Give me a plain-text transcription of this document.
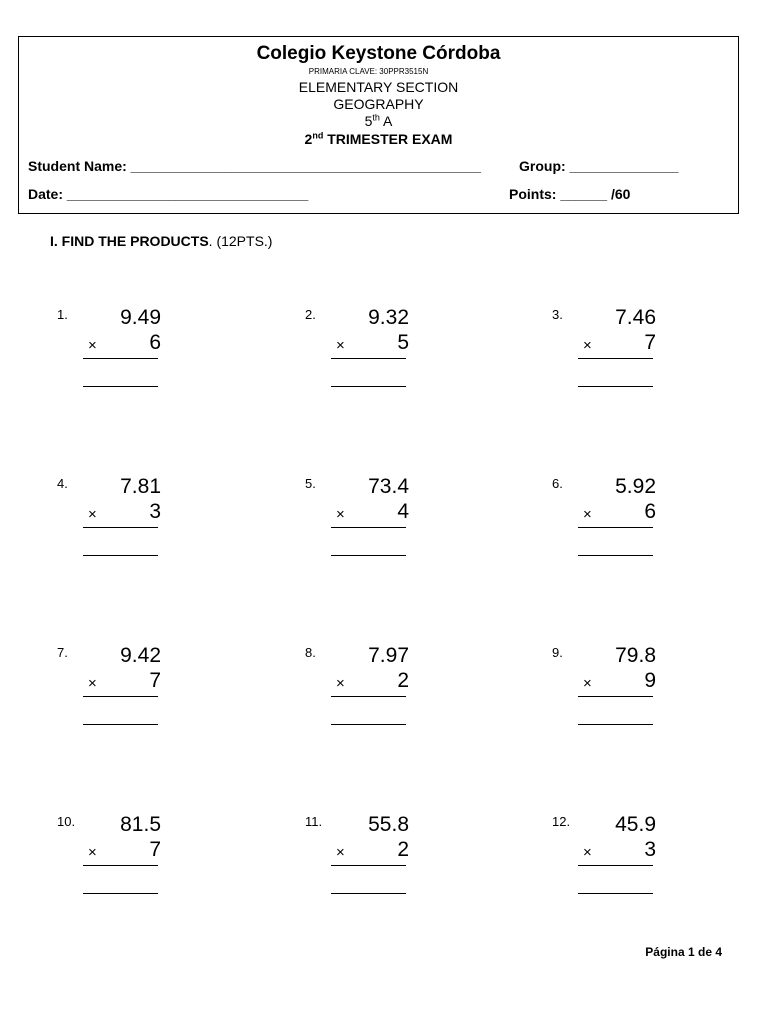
Colegio Keystone Córdoba
PRIMARIA CLAVE: 30PPR3515N
ELEMENTARY SECTION
GEOGRAPHY
5th A
2nd TRIMESTER EXAM
Student Name: _____________________________________________	Group: ______________
Date: _______________________________	Points: ______ /60
I. FIND THE PRODUCTS. (12PTS.)
1.	9.49
×	6
2.	9.32
×	5
3.	7.46
×	7
4.	7.81
×	3
5.	73.4
×	4
6.	5.92
×	6
7.	9.42
×	7
8.	7.97
×	2
9.	79.8
×	9
10.	81.5
×	7
11.	55.8
×	2
12.	45.9
×	3
Página 1 de 4
